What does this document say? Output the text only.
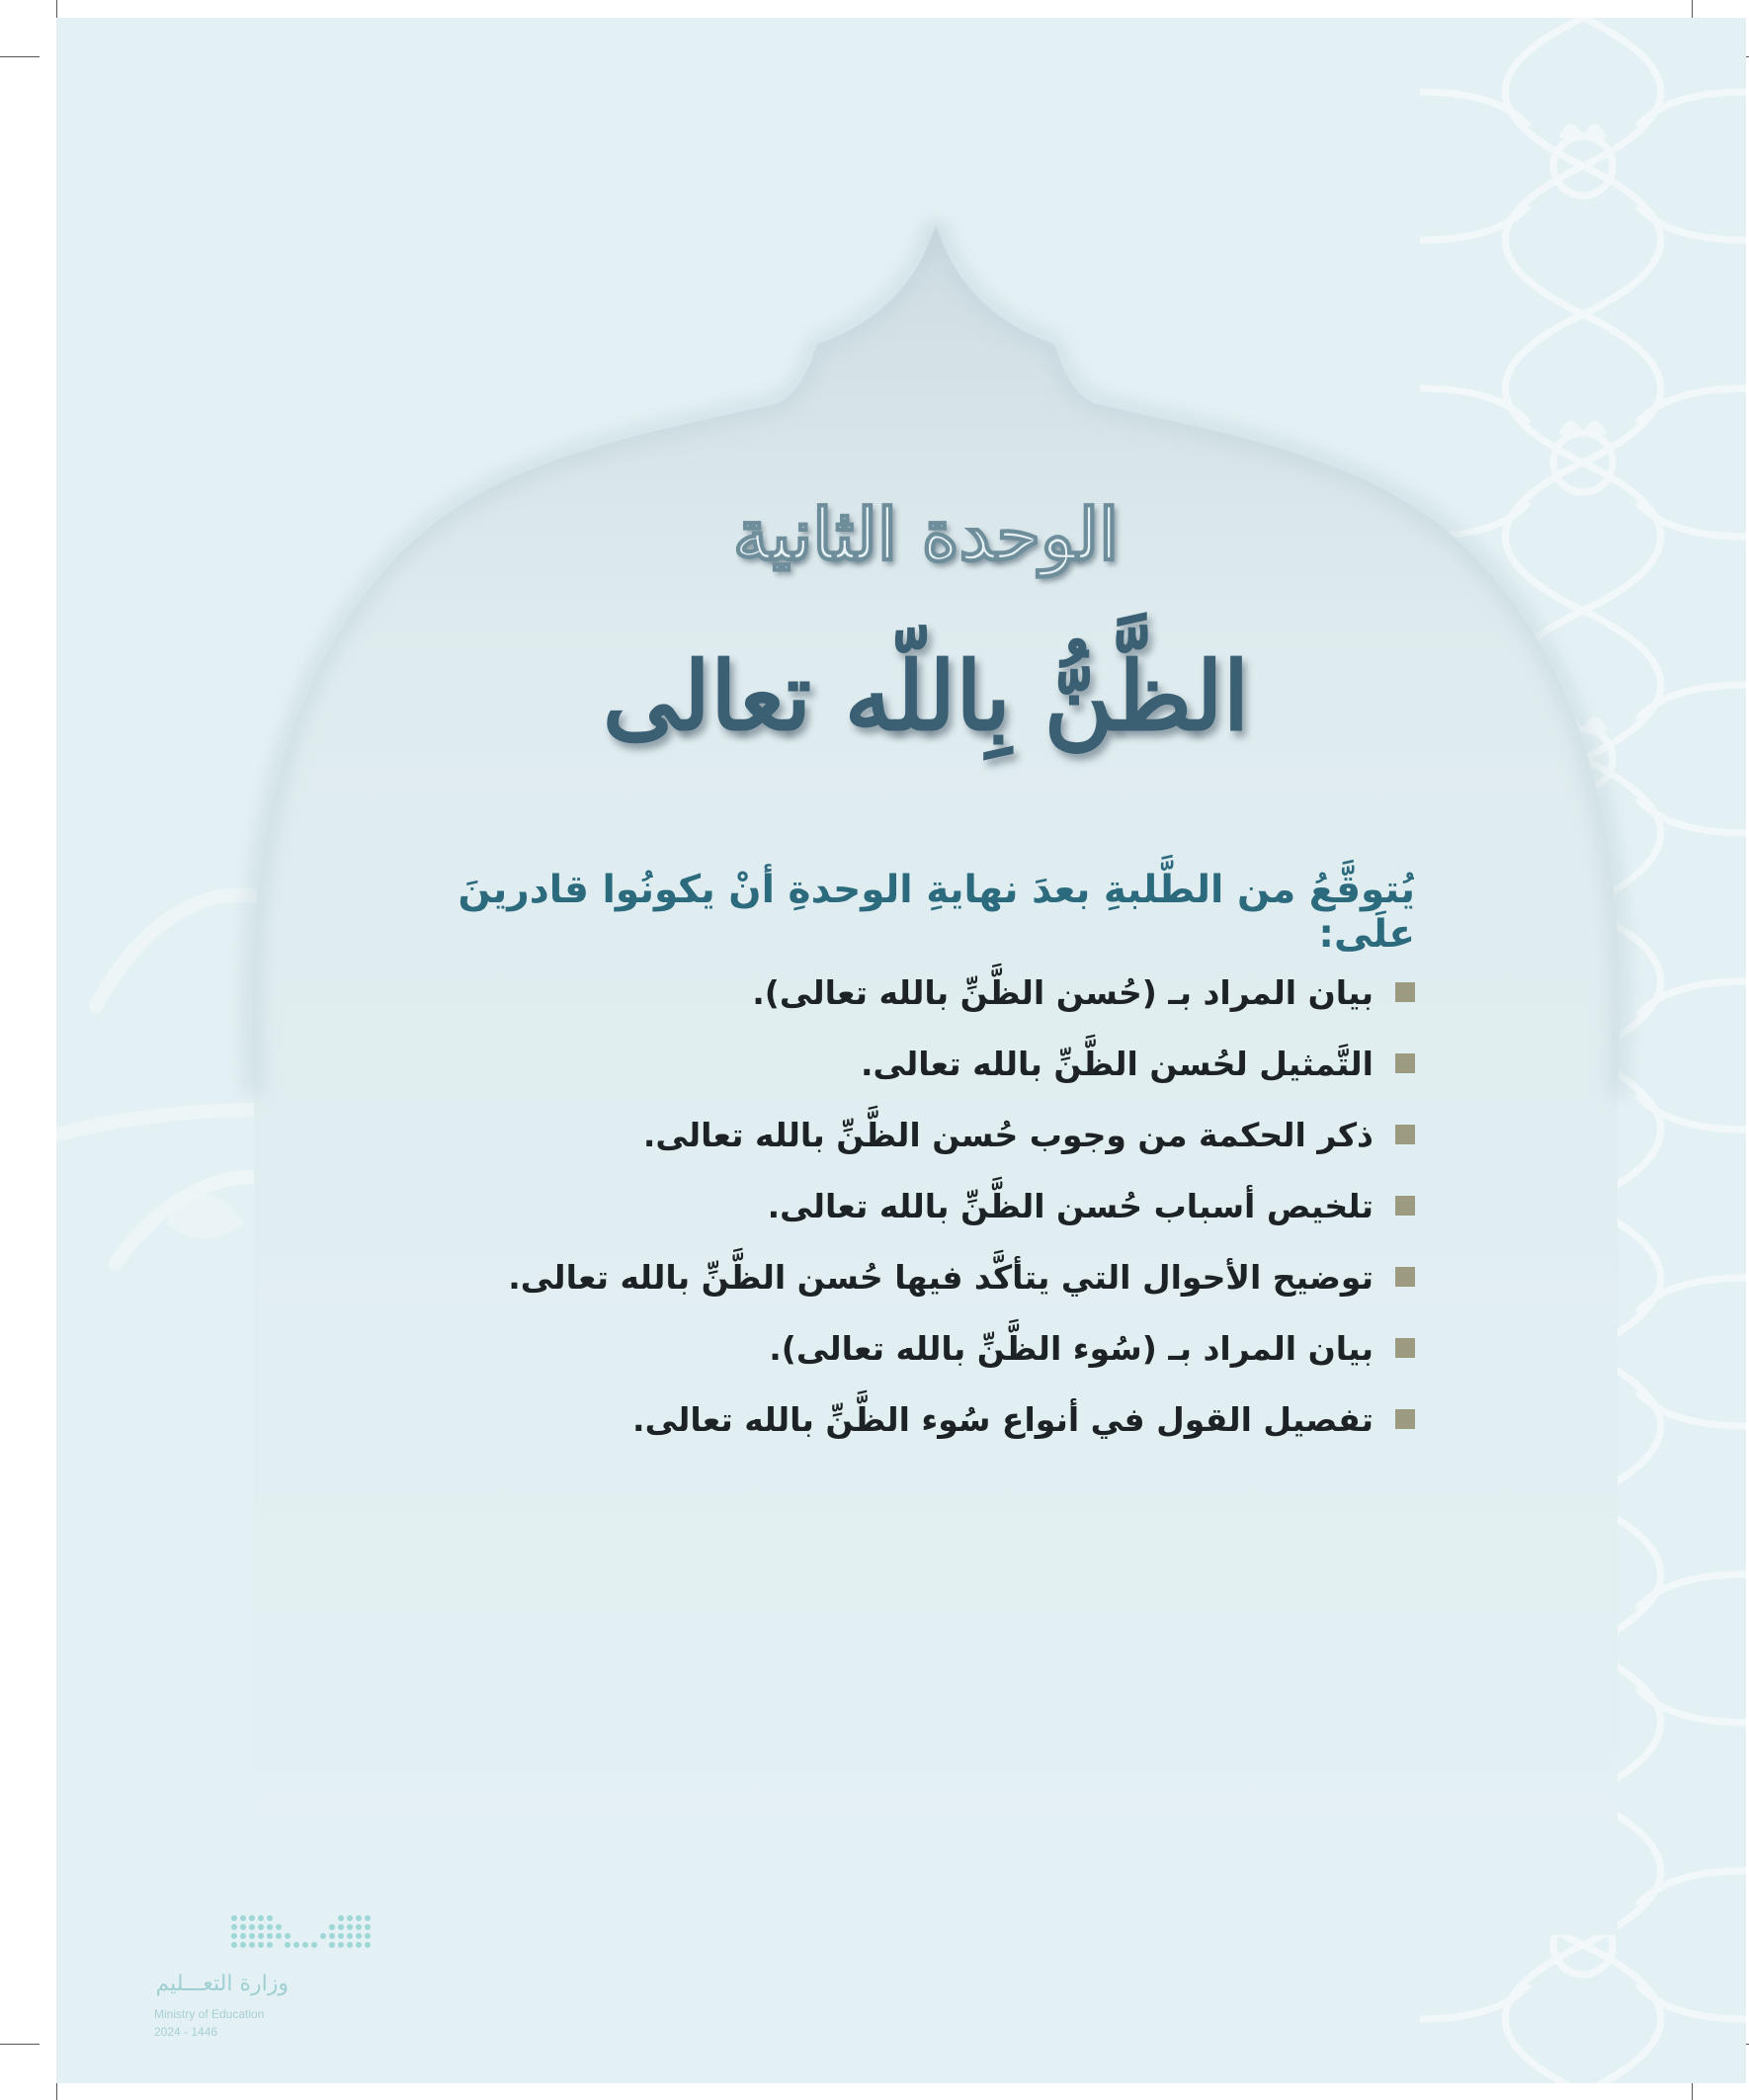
الوحدة الثانية
الظَّنُّ بِاللّه تعالى

يُتوقَّعُ من الطَّلبةِ بعدَ نهايةِ الوحدةِ أنْ يكونُوا قادرينَ علَى:

بيان المراد بـ (حُسن الظَّنِّ بالله تعالى).
التَّمثيل لحُسن الظَّنِّ بالله تعالى.
ذكر الحكمة من وجوب حُسن الظَّنِّ بالله تعالى.
تلخيص أسباب حُسن الظَّنِّ بالله تعالى.
توضيح الأحوال التي يتأكَّد فيها حُسن الظَّنِّ بالله تعالى.
بيان المراد بـ (سُوء الظَّنِّ بالله تعالى).
تفصيل القول في أنواع سُوء الظَّنِّ بالله تعالى.

وزارة التعـــليم

Ministry of Education

2024 - 1446
